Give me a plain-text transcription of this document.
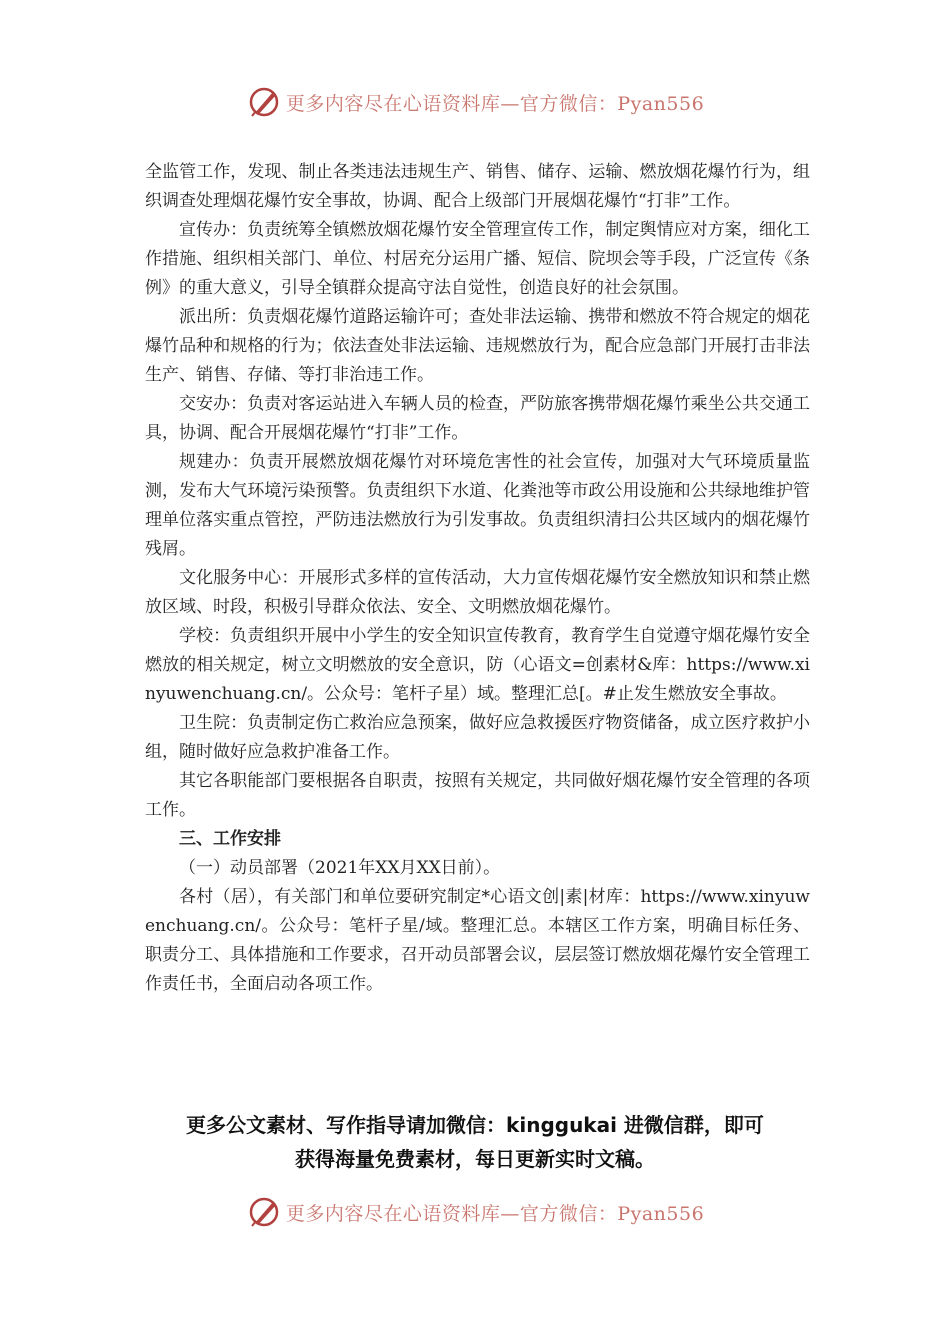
更多内容尽在心语资料库—官方微信：Pyan556

全监管工作，发现、制止各类违法违规生产、销售、储存、运输、燃放烟花爆竹行为，组织调查处理烟花爆竹安全事故，协调、配合上级部门开展烟花爆竹“打非”工作。

宣传办：负责统筹全镇燃放烟花爆竹安全管理宣传工作，制定舆情应对方案，细化工作措施、组织相关部门、单位、村居充分运用广播、短信、院坝会等手段，广泛宣传《条例》的重大意义，引导全镇群众提高守法自觉性，创造良好的社会氛围。

派出所：负责烟花爆竹道路运输许可；查处非法运输、携带和燃放不符合规定的烟花爆竹品种和规格的行为；依法查处非法运输、违规燃放行为，配合应急部门开展打击非法生产、销售、存储、等打非治违工作。

交安办：负责对客运站进入车辆人员的检查，严防旅客携带烟花爆竹乘坐公共交通工具，协调、配合开展烟花爆竹“打非”工作。

规建办：负责开展燃放烟花爆竹对环境危害性的社会宣传，加强对大气环境质量监测，发布大气环境污染预警。负责组织下水道、化粪池等市政公用设施和公共绿地维护管理单位落实重点管控，严防违法燃放行为引发事故。负责组织清扫公共区域内的烟花爆竹残屑。

文化服务中心：开展形式多样的宣传活动，大力宣传烟花爆竹安全燃放知识和禁止燃放区域、时段，积极引导群众依法、安全、文明燃放烟花爆竹。

学校：负责组织开展中小学生的安全知识宣传教育，教育学生自觉遵守烟花爆竹安全燃放的相关规定，树立文明燃放的安全意识，防（心语文=创素材&库：https://www.xinyuwenchuang.cn/。公众号：笔杆子星）域。整理汇总[。#止发生燃放安全事故。

卫生院：负责制定伤亡救治应急预案，做好应急救援医疗物资储备，成立医疗救护小组，随时做好应急救护准备工作。

其它各职能部门要根据各自职责，按照有关规定，共同做好烟花爆竹安全管理的各项工作。

三、工作安排

（一）动员部署（2021年XX月XX日前）。

各村（居），有关部门和单位要研究制定*心语文创|素|材库：https://www.xinyuwenchuang.cn/。公众号：笔杆子星/域。整理汇总。本辖区工作方案，明确目标任务、职责分工、具体措施和工作要求，召开动员部署会议，层层签订燃放烟花爆竹安全管理工作责任书，全面启动各项工作。

更多公文素材、写作指导请加微信：kinggukai 进微信群，即可

获得海量免费素材，每日更新实时文稿。

更多内容尽在心语资料库—官方微信：Pyan556
